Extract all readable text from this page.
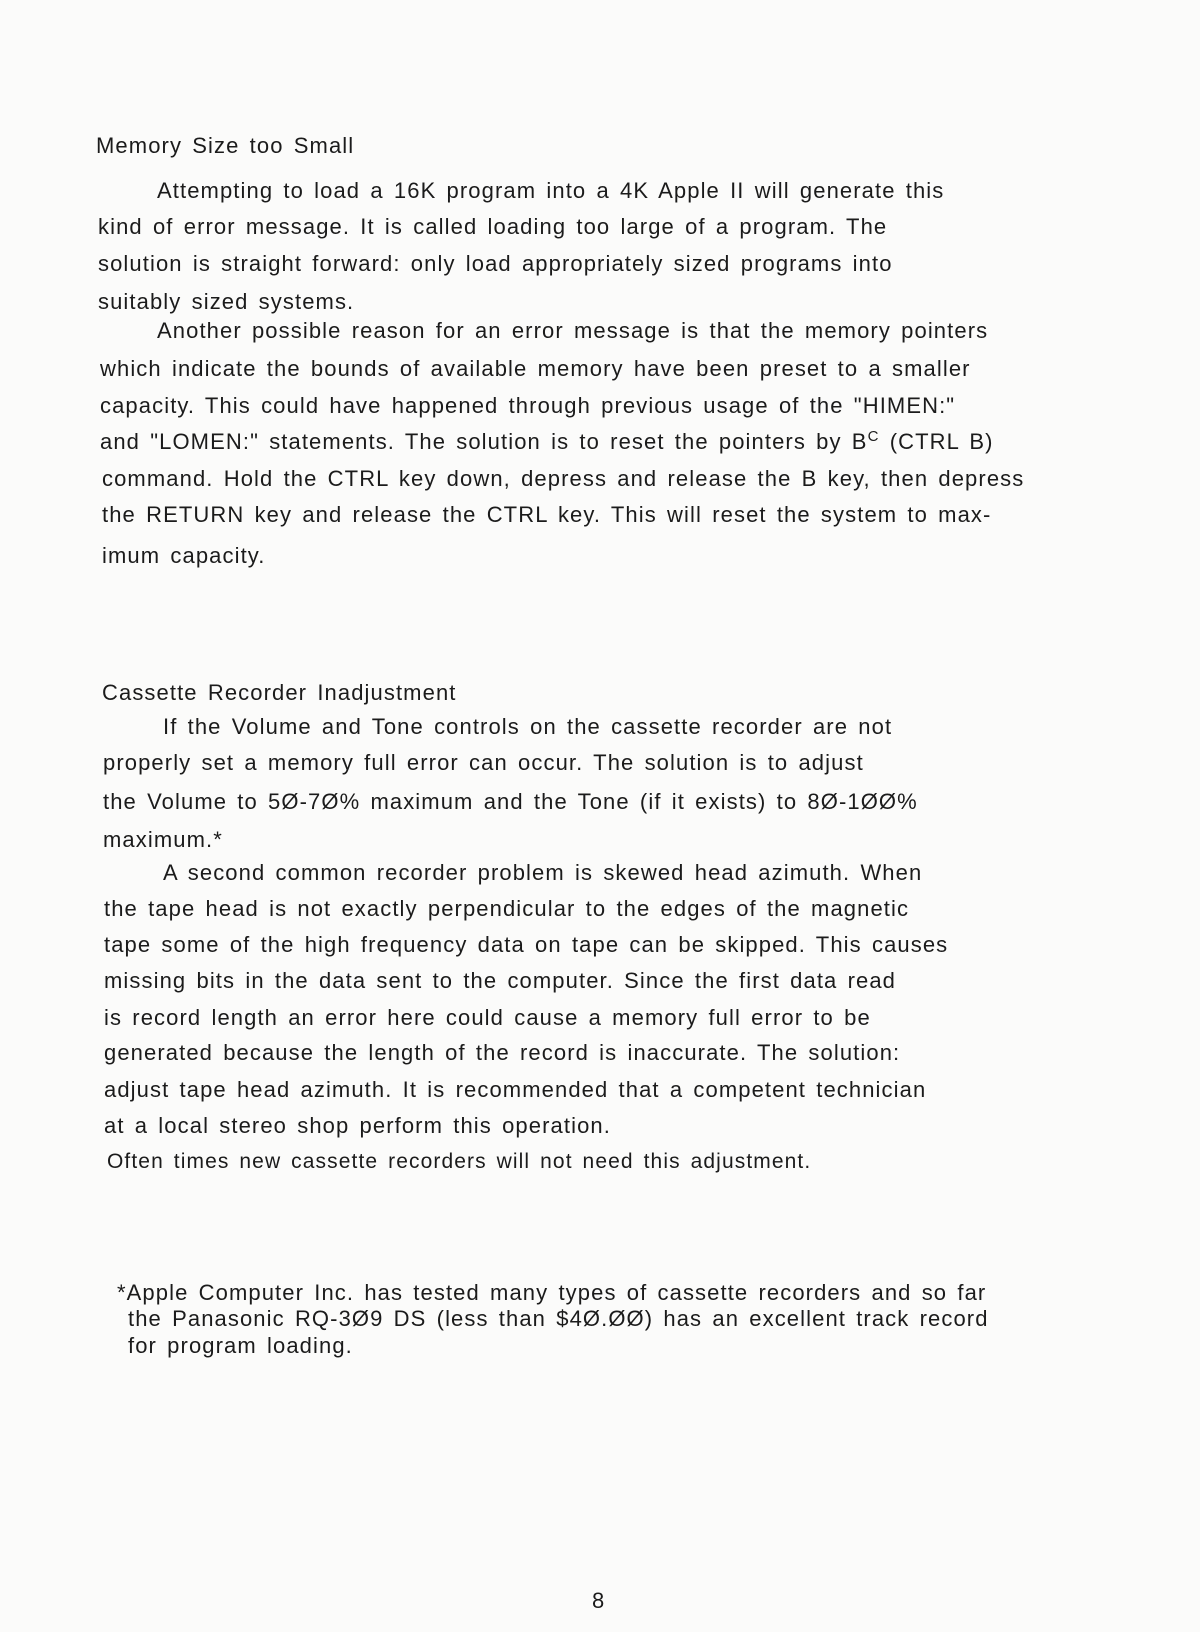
Memory Size too Small
Attempting to load a 16K program into a 4K Apple II will generate this
kind of error message. It is called loading too large of a program. The
solution is straight forward: only load appropriately sized programs into
suitably sized systems.
Another possible reason for an error message is that the memory pointers
which indicate the bounds of available memory have been preset to a smaller
capacity. This could have happened through previous usage of the "HIMEN:"
and "LOMEN:" statements. The solution is to reset the pointers by $B^C$ (CTRL B)
command. Hold the CTRL key down, depress and release the B key, then depress
the RETURN key and release the CTRL key. This will reset the system to max-
imum capacity.
Cassette Recorder Inadjustment
If the Volume and Tone controls on the cassette recorder are not
properly set a memory full error can occur. The solution is to adjust
the Volume to 5Ø-7Ø% maximum and the Tone (if it exists) to 8Ø-1ØØ%
maximum.*
A second common recorder problem is skewed head azimuth. When
the tape head is not exactly perpendicular to the edges of the magnetic
tape some of the high frequency data on tape can be skipped. This causes
missing bits in the data sent to the computer. Since the first data read
is record length an error here could cause a memory full error to be
generated because the length of the record is inaccurate. The solution:
adjust tape head azimuth. It is recommended that a competent technician
at a local stereo shop perform this operation.
Often times new cassette recorders will not need this adjustment.
*Apple Computer Inc. has tested many types of cassette recorders and so far
the Panasonic RQ-3Ø9 DS (less than $4Ø.ØØ) has an excellent track record
for program loading.
8
